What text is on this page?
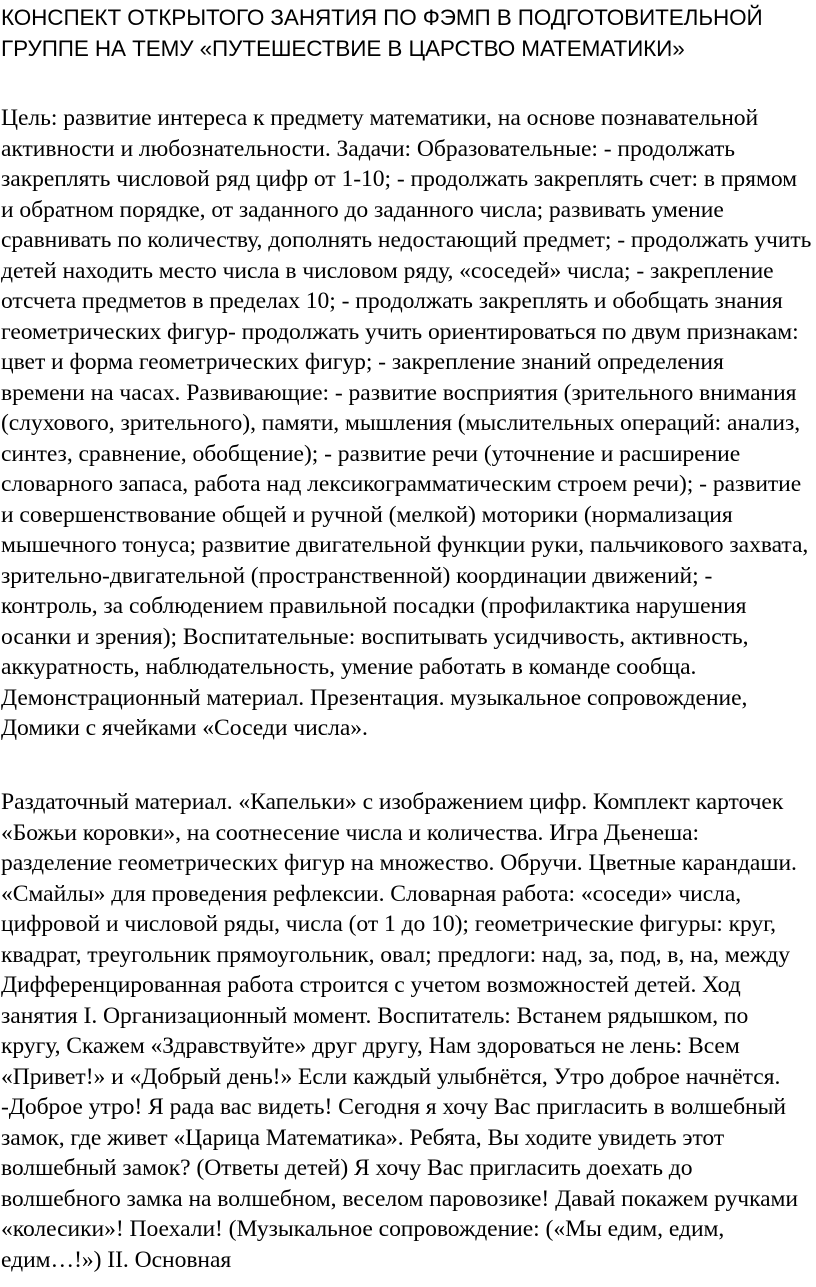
КОНСПЕКТ ОТКРЫТОГО ЗАНЯТИЯ ПО ФЭМП В ПОДГОТОВИТЕЛЬНОЙ ГРУППЕ НА ТЕМУ «ПУТЕШЕСТВИЕ В ЦАРСТВО МАТЕМАТИКИ»

Цель: развитие интереса к предмету математики, на основе познавательной активности и любознательности. Задачи: Образовательные: - продолжать закреплять числовой ряд цифр от 1-10; - продолжать закреплять счет: в прямом и обратном порядке, от заданного до заданного числа; развивать умение сравнивать по количеству, дополнять недостающий предмет; - продолжать учить детей находить место числа в числовом ряду, «соседей» числа; - закрепление отсчета предметов в пределах 10; - продолжать закреплять и обобщать знания геометрических фигур- продолжать учить ориентироваться по двум признакам: цвет и форма геометрических фигур; - закрепление знаний определения времени на часах. Развивающие: - развитие восприятия (зрительного внимания (слухового, зрительного), памяти, мышления (мыслительных операций: анализ, синтез, сравнение, обобщение); - развитие речи (уточнение и расширение словарного запаса, работа над лексикограмматическим строем речи); - развитие и совершенствование общей и ручной (мелкой) моторики (нормализация мышечного тонуса; развитие двигательной функции руки, пальчикового захвата, зрительно-двигательной (пространственной) координации движений; - контроль, за соблюдением правильной посадки (профилактика нарушения осанки и зрения); Воспитательные: воспитывать усидчивость, активность, аккуратность, наблюдательность, умение работать в команде сообща. Демонстрационный материал. Презентация. музыкальное сопровождение, Домики с ячейками «Соседи числа».

Раздаточный материал. «Капельки» с изображением цифр. Комплект карточек «Божьи коровки», на соотнесение числа и количества. Игра Дьенеша: разделение геометрических фигур на множество. Обручи. Цветные карандаши. «Смайлы» для проведения рефлексии. Словарная работа: «соседи» числа, цифровой и числовой ряды, числа (от 1 до 10); геометрические фигуры: круг, квадрат, треугольник прямоугольник, овал; предлоги: над, за, под, в, на, между Дифференцированная работа строится с учетом возможностей детей. Ход занятия I. Организационный момент. Воспитатель: Встанем рядышком, по кругу, Скажем «Здравствуйте» друг другу, Нам здороваться не лень: Всем «Привет!» и «Добрый день!» Если каждый улыбнётся, Утро доброе начнётся. -Доброе утро! Я рада вас видеть! Сегодня я хочу Вас пригласить в волшебный замок, где живет «Царица Математика». Ребята, Вы ходите увидеть этот волшебный замок? (Ответы детей) Я хочу Вас пригласить доехать до волшебного замка на волшебном, веселом паровозике! Давай покажем ручками «колесики»! Поехали! (Музыкальное сопровождение: («Мы едим, едим, едим…!») II. Основная
